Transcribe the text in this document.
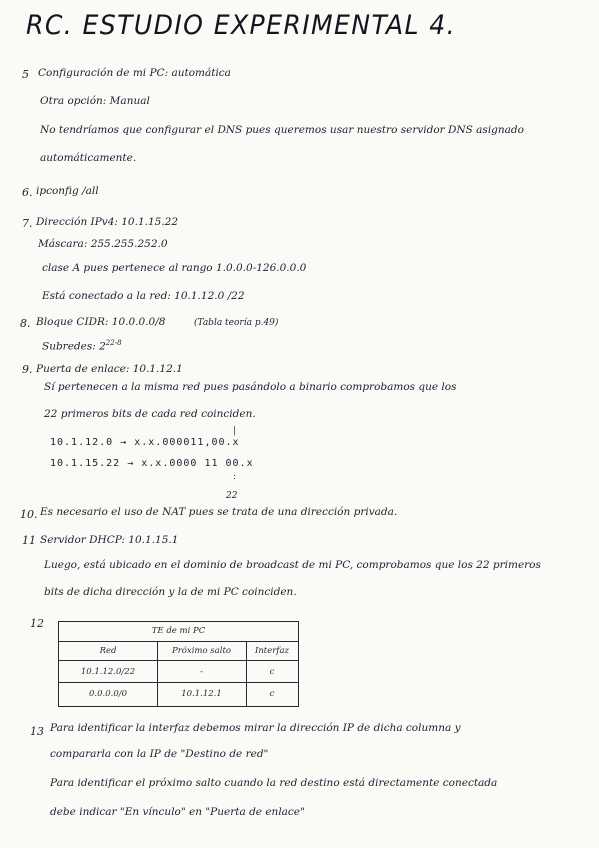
RC. ESTUDIO EXPERIMENTAL 4.
5 Configuración de mi PC: automática
Otra opción: Manual
No tendríamos que configurar el DNS pues queremos usar nuestro servidor DNS asignado
automáticamente.
6. ipconfig /all
7. Dirección IPv4: 10.1.15.22
Máscara: 255.255.252.0
clase A pues pertenece al rango 1.0.0.0-126.0.0.0
Está conectado a la red: 10.1.12.0 /22
8. Bloque CIDR: 10.0.0.0/8	(Tabla teoría p.49)
Subredes: 2$^{22-8}$
9. Puerta de enlace: 10.1.12.1
Sí pertenecen a la misma red pues pasándolo a binario comprobamos que los
22 primeros bits de cada red coinciden.
|
10.1.12.0 → x.x.000011,00.x
10.1.15.22 → x.x.0000 11 00.x
:
22
10. Es necesario el uso de NAT pues se trata de una dirección privada.
11 Servidor DHCP: 10.1.15.1
Luego, está ubicado en el dominio de broadcast de mi PC, comprobamos que los 22 primeros
bits de dicha dirección y la de mi PC coinciden.
12
TE de mi PC
Red	Próximo salto	Interfaz
10.1.12.0/22	-	c
0.0.0.0/0	10.1.12.1	c
13 Para identificar la interfaz debemos mirar la dirección IP de dicha columna y
compararla con la IP de "Destino de red"
Para identificar el próximo salto cuando la red destino está directamente conectada
debe indicar "En vínculo" en "Puerta de enlace"
